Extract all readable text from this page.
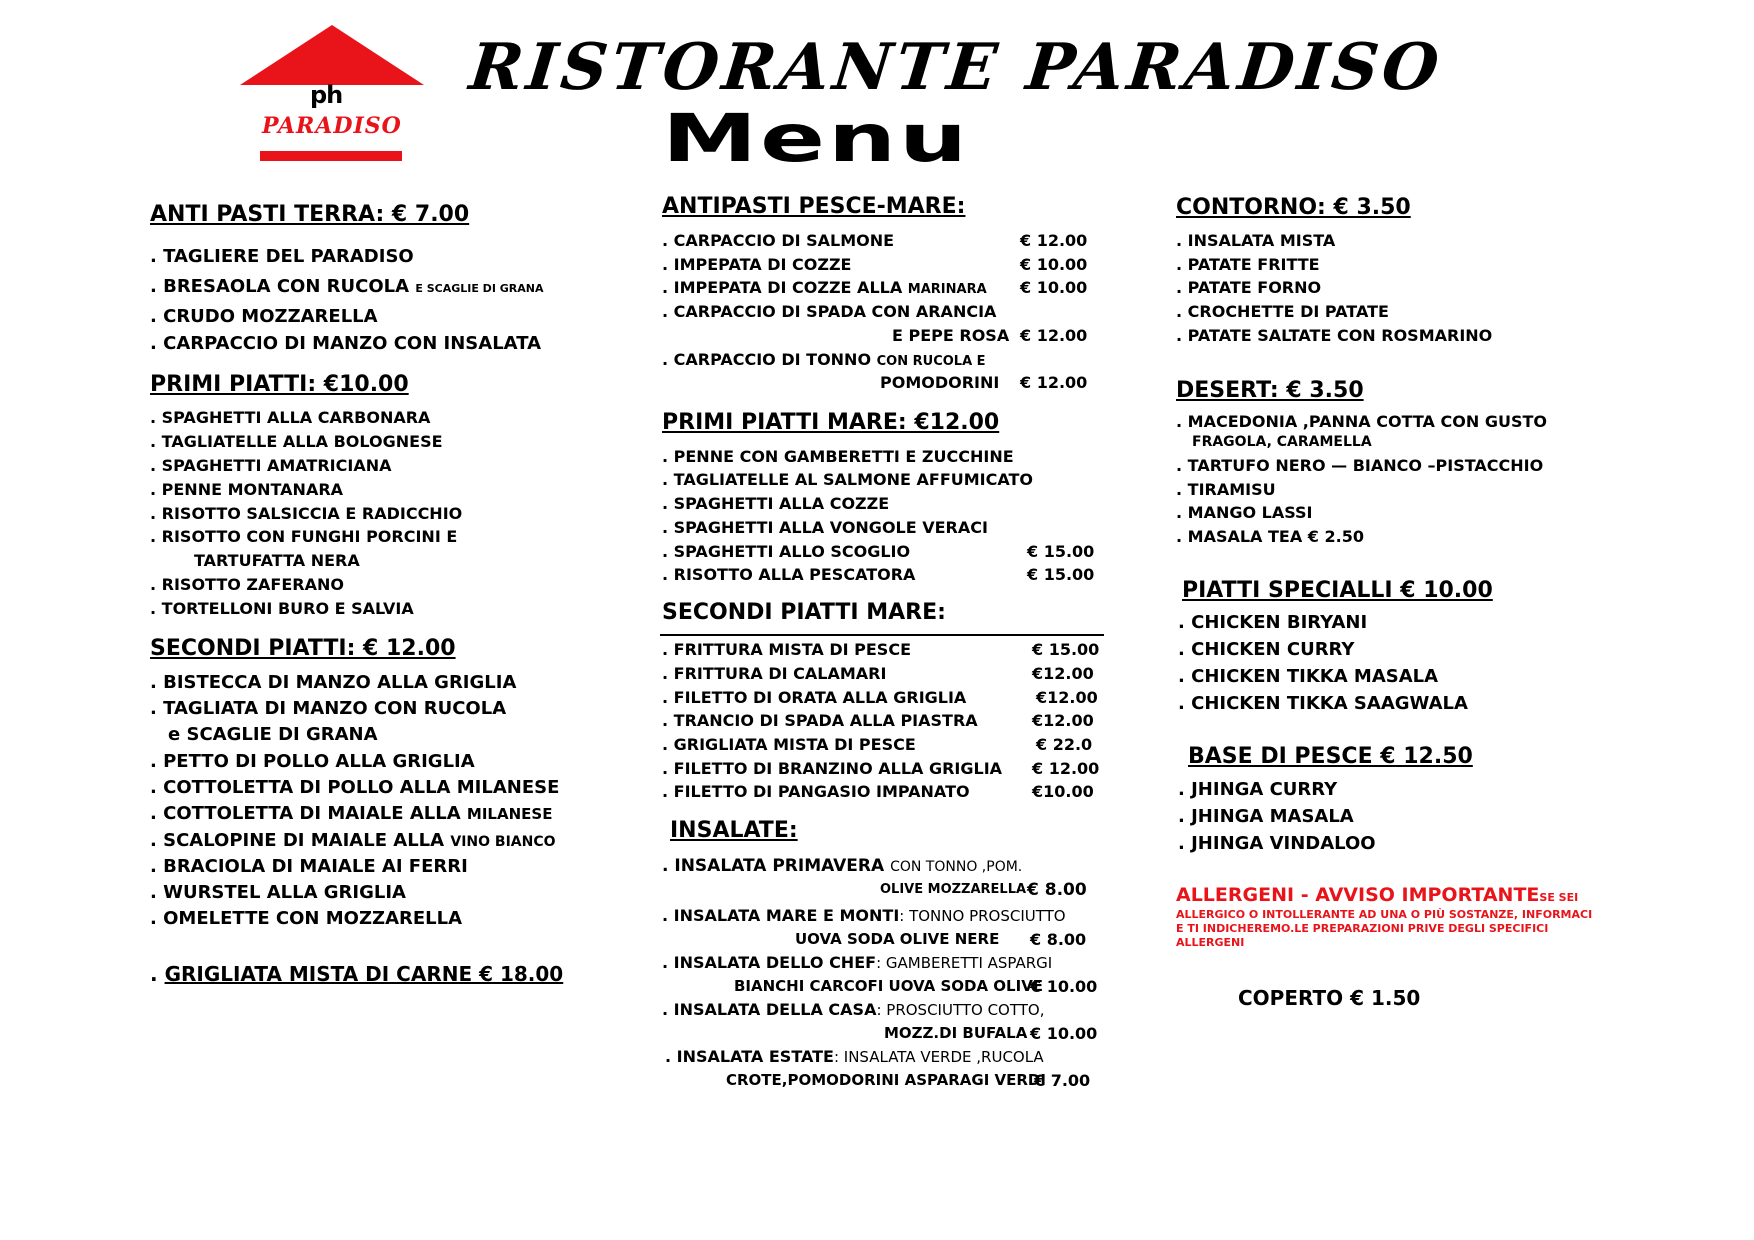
ph
PARADISO
RISTORANTE PARADISO
Menu
ANTI PASTI TERRA: € 7.00
. TAGLIERE DEL PARADISO
. BRESAOLA CON RUCOLA E SCAGLIE DI GRANA
. CRUDO MOZZARELLA
. CARPACCIO DI MANZO CON INSALATA
PRIMI PIATTI: €10.00
. SPAGHETTI ALLA CARBONARA
. TAGLIATELLE ALLA BOLOGNESE
. SPAGHETTI AMATRICIANA
. PENNE MONTANARA
. RISOTTO SALSICCIA E RADICCHIO
. RISOTTO CON FUNGHI PORCINI E
TARTUFATTA NERA
. RISOTTO ZAFERANO
. TORTELLONI BURO E SALVIA
SECONDI PIATTI: € 12.00
. BISTECCA DI MANZO ALLA GRIGLIA
. TAGLIATA DI MANZO CON RUCOLA
e SCAGLIE DI GRANA
. PETTO DI POLLO ALLA GRIGLIA
. COTTOLETTA DI POLLO ALLA MILANESE
. COTTOLETTA DI MAIALE ALLA MILANESE
. SCALOPINE DI MAIALE ALLA VINO BIANCO
. BRACIOLA DI MAIALE AI FERRI
. WURSTEL ALLA GRIGLIA
. OMELETTE CON MOZZARELLA
. GRIGLIATA MISTA DI CARNE € 18.00
ANTIPASTI PESCE-MARE:
. CARPACCIO DI SALMONE	€ 12.00
. IMPEPATA DI COZZE	€ 10.00
. IMPEPATA DI COZZE ALLA MARINARA € 10.00
. CARPACCIO DI SPADA CON ARANCIA
E PEPE ROSA € 12.00
. CARPACCIO DI TONNO CON RUCOLA E
POMODORINI € 12.00
PRIMI PIATTI MARE: €12.00
. PENNE CON GAMBERETTI E ZUCCHINE
. TAGLIATELLE AL SALMONE AFFUMICATO
. SPAGHETTI ALLA COZZE
. SPAGHETTI ALLA VONGOLE VERACI
. SPAGHETTI ALLO SCOGLIO	€ 15.00
. RISOTTO ALLA PESCATORA	€ 15.00
SECONDI PIATTI MARE:
. FRITTURA MISTA DI PESCE	€ 15.00
. FRITTURA DI CALAMARI	€12.00
. FILETTO DI ORATA ALLA GRIGLIA	€12.00
. TRANCIO DI SPADA ALLA PIASTRA	€12.00
. GRIGLIATA MISTA DI PESCE	€ 22.0
. FILETTO DI BRANZINO ALLA GRIGLIA € 12.00
. FILETTO DI PANGASIO IMPANATO	€10.00
INSALATE:
. INSALATA PRIMAVERA CON TONNO ,POM.
OLIVE MOZZARELLA € 8.00
. INSALATA MARE E MONTI: TONNO PROSCIUTTO
UOVA SODA OLIVE NERE € 8.00
. INSALATA DELLO CHEF: GAMBERETTI ASPARGI
BIANCHI CARCOFI UOVA SODA OLIVE
€ 10.00
. INSALATA DELLA CASA: PROSCIUTTO COTTO,
MOZZ.DI BUFALA € 10.00
. INSALATA ESTATE: INSALATA VERDE ,RUCOLA
CROTE,POMODORINI ASPARAGI VERDI
€ 7.00
CONTORNO: € 3.50
. INSALATA MISTA
. PATATE FRITTE
. PATATE FORNO
. CROCHETTE DI PATATE
. PATATE SALTATE CON ROSMARINO
DESERT: € 3.50
. MACEDONIA ,PANNA COTTA CON GUSTO
FRAGOLA, CARAMELLA
. TARTUFO NERO — BIANCO –PISTACCHIO
. TIRAMISU
. MANGO LASSI
. MASALA TEA € 2.50
PIATTI SPECIALLI € 10.00
. CHICKEN BIRYANI
. CHICKEN CURRY
. CHICKEN TIKKA MASALA
. CHICKEN TIKKA SAAGWALA
BASE DI PESCE € 12.50
. JHINGA CURRY
. JHINGA MASALA
. JHINGA VINDALOO
ALLERGENI - AVVISO IMPORTANTESE SEI
ALLERGICO O INTOLLERANTE AD UNA O PIÙ SOSTANZE, INFORMACI
E TI INDICHEREMO.LE PREPARAZIONI PRIVE DEGLI SPECIFICI
ALLERGENI
COPERTO € 1.50
